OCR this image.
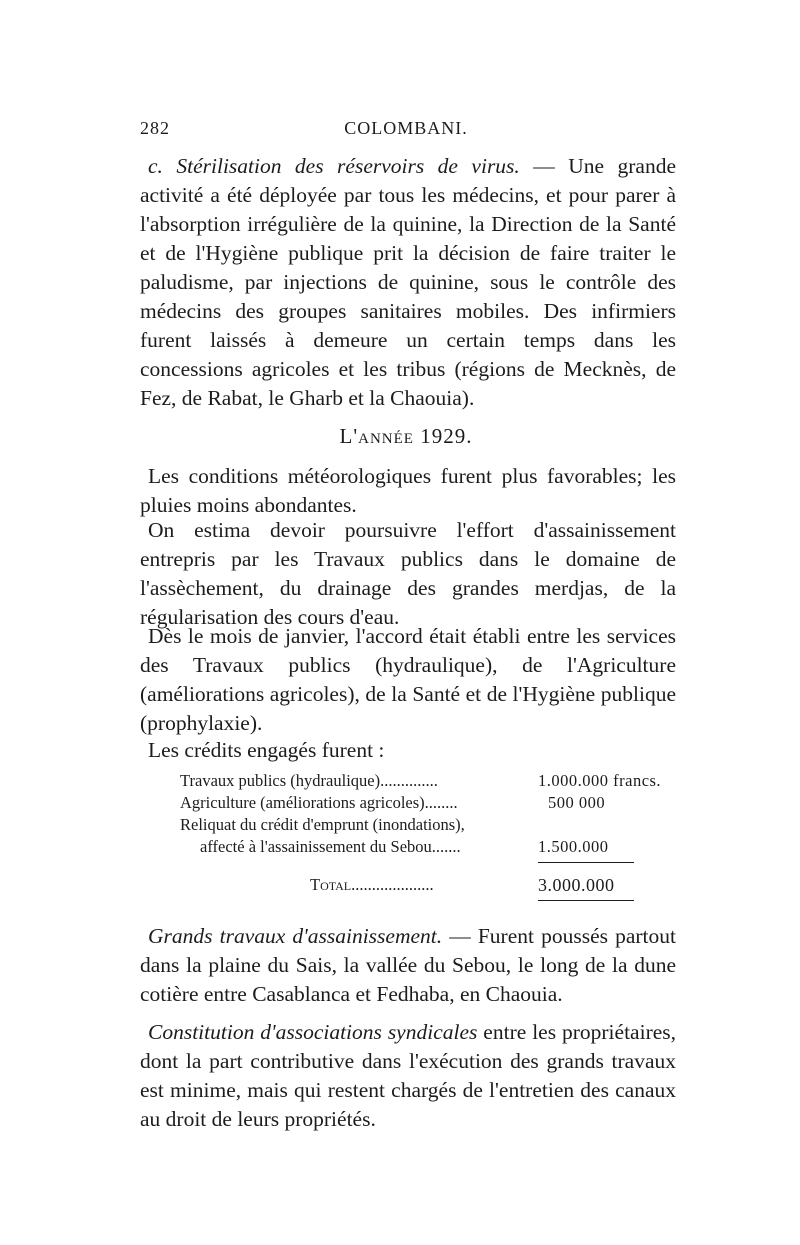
282	COLOMBANI.

c. Stérilisation des réservoirs de virus. — Une grande activité a été déployée par tous les médecins, et pour parer à l'absorption irrégulière de la quinine, la Direction de la Santé et de l'Hygiène publique prit la décision de faire traiter le paludisme, par injections de quinine, sous le contrôle des médecins des groupes sanitaires mobiles. Des infirmiers furent laissés à demeure un certain temps dans les concessions agricoles et les tribus (régions de Mecknès, de Fez, de Rabat, le Gharb et la Chaouia).

L'année 1929.

Les conditions météorologiques furent plus favorables; les pluies moins abondantes.

On estima devoir poursuivre l'effort d'assainissement entrepris par les Travaux publics dans le domaine de l'assèchement, du drainage des grandes merdjas, de la régularisation des cours d'eau.

Dès le mois de janvier, l'accord était établi entre les services des Travaux publics (hydraulique), de l'Agriculture (améliorations agricoles), de la Santé et de l'Hygiène publique (prophylaxie).

Les crédits engagés furent :

Travaux publics (hydraulique)..............	1.000.000 francs.
Agriculture (améliorations agricoles)........	500 000
Reliquat du crédit d'emprunt (inondations),
affecté à l'assainissement du Sebou.......	1.500.000
Total....................	3.000.000

Grands travaux d'assainissement. — Furent poussés partout dans la plaine du Sais, la vallée du Sebou, le long de la dune cotière entre Casablanca et Fedhaba, en Chaouia.

Constitution d'associations syndicales entre les propriétaires, dont la part contributive dans l'exécution des grands travaux est minime, mais qui restent chargés de l'entretien des canaux au droit de leurs propriétés.
